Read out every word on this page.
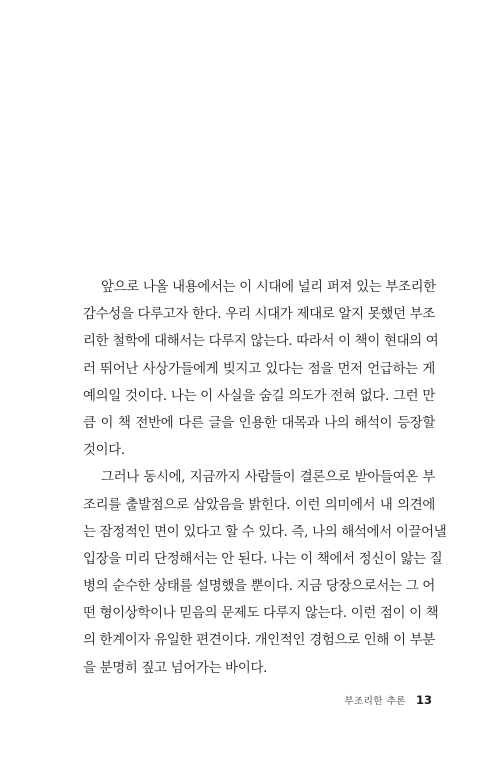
앞으로 나올 내용에서는 이 시대에 널리 퍼져 있는 부조리한
감수성을 다루고자 한다. 우리 시대가 제대로 알지 못했던 부조
리한 철학에 대해서는 다루지 않는다. 따라서 이 책이 현대의 여
러 뛰어난 사상가들에게 빚지고 있다는 점을 먼저 언급하는 게
예의일 것이다. 나는 이 사실을 숨길 의도가 전혀 없다. 그런 만
큼 이 책 전반에 다른 글을 인용한 대목과 나의 해석이 등장할
것이다.
그러나 동시에, 지금까지 사람들이 결론으로 받아들여온 부
조리를 출발점으로 삼았음을 밝힌다. 이런 의미에서 내 의견에
는 잠정적인 면이 있다고 할 수 있다. 즉, 나의 해석에서 이끌어낼
입장을 미리 단정해서는 안 된다. 나는 이 책에서 정신이 앓는 질
병의 순수한 상태를 설명했을 뿐이다. 지금 당장으로서는 그 어
떤 형이상학이나 믿음의 문제도 다루지 않는다. 이런 점이 이 책
의 한계이자 유일한 편견이다. 개인적인 경험으로 인해 이 부분
을 분명히 짚고 넘어가는 바이다.
부조리한 추론 13
